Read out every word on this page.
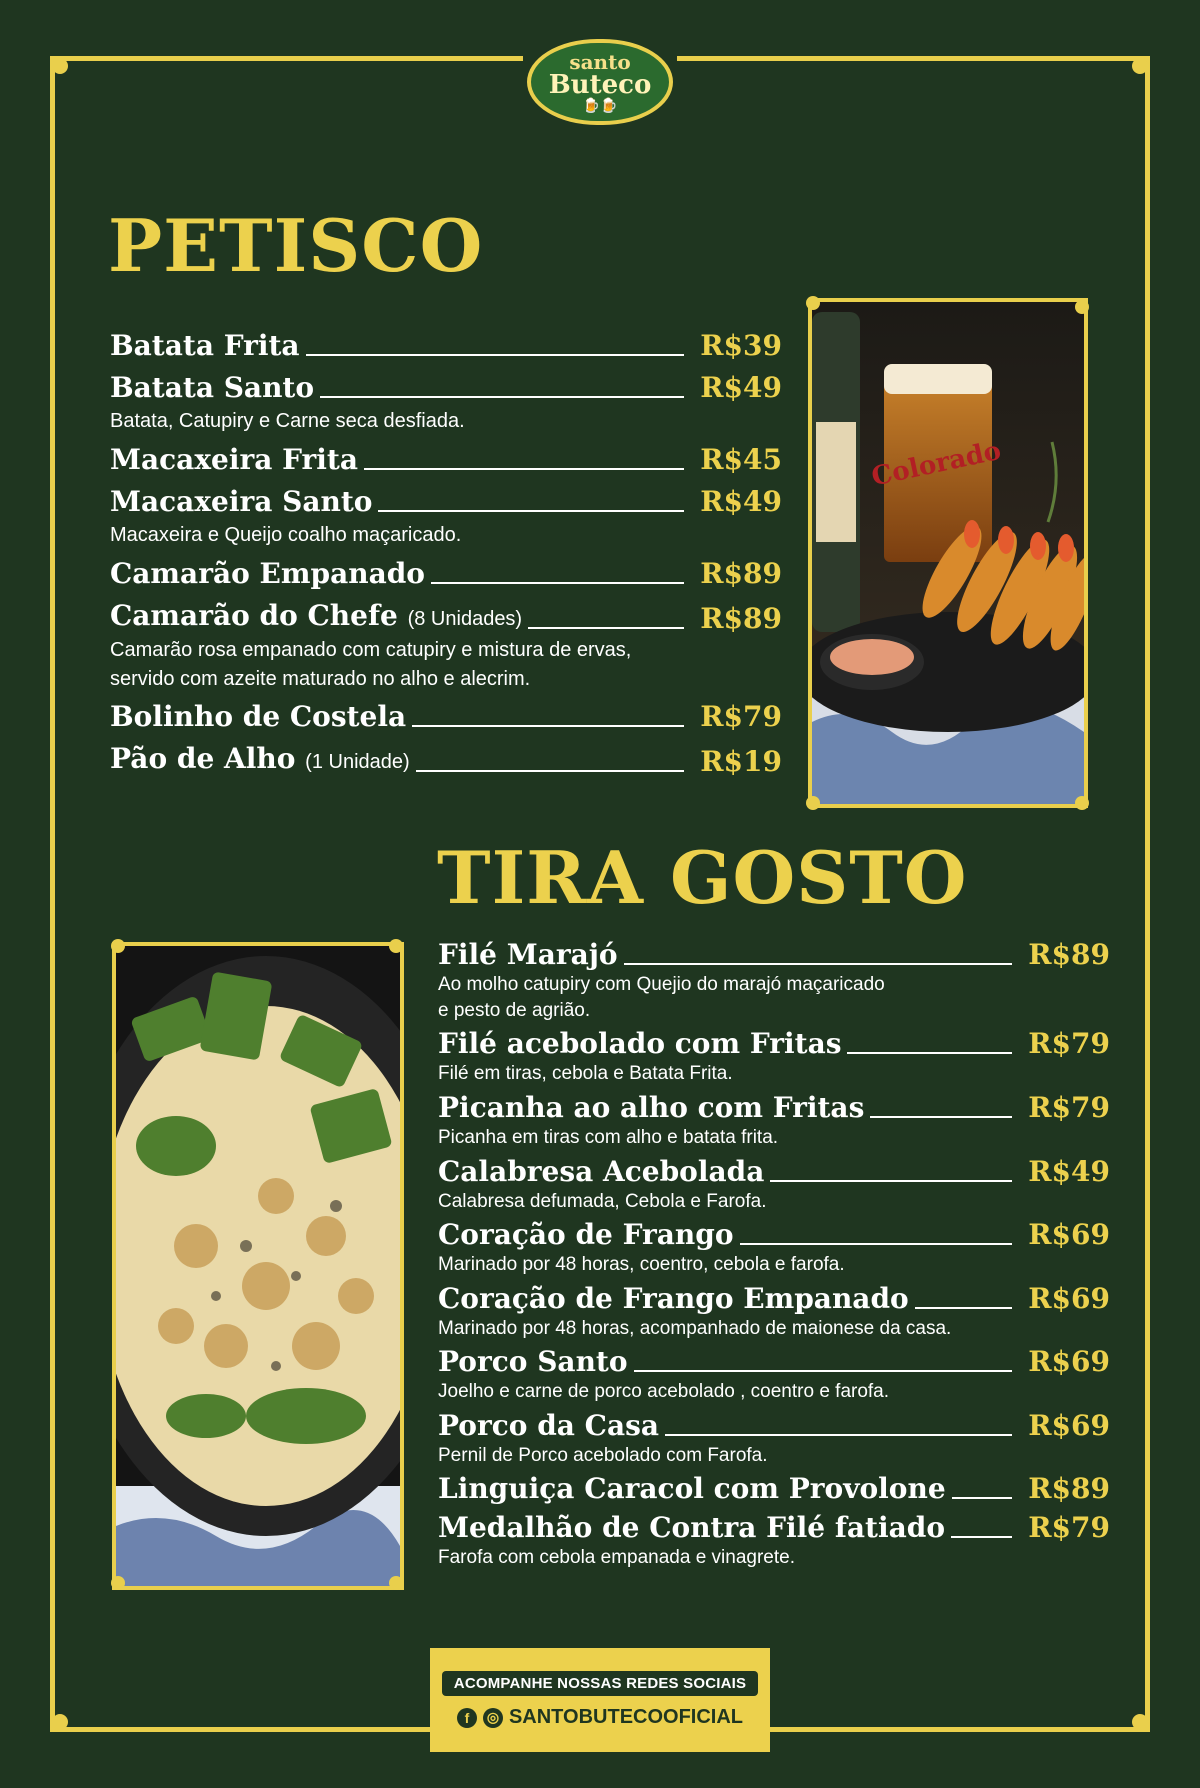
santo
Buteco
🍺🍺
PETISCO
Batata Frita	R$39
Batata Santo	R$49
Batata, Catupiry e Carne seca desfiada.
Macaxeira Frita	R$45
Macaxeira Santo	R$49
Macaxeira e Queijo coalho maçaricado.
Camarão Empanado	R$89
Camarão do Chefe (8 Unidades)	R$89
Camarão rosa empanado com catupiry e mistura de ervas,
servido com azeite maturado no alho e alecrim.
Bolinho de Costela	R$79
Pão de Alho (1 Unidade)	R$19
Colorado
TIRA GOSTO
Filé Marajó	R$89
Ao molho catupiry com Quejio do marajó maçaricado
e pesto de agrião.
Filé acebolado com Fritas	R$79
Filé em tiras, cebola e Batata Frita.
Picanha ao alho com Fritas	R$79
Picanha em tiras com alho e batata frita.
Calabresa Acebolada	R$49
Calabresa defumada, Cebola e Farofa.
Coração de Frango	R$69
Marinado por 48 horas, coentro, cebola e farofa.
Coração de Frango Empanado	R$69
Marinado por 48 horas, acompanhado de maionese da casa.
Porco Santo	R$69
Joelho e carne de porco acebolado , coentro e farofa.
Porco da Casa	R$69
Pernil de Porco acebolado com Farofa.
Linguiça Caracol com Provolone	R$89
Medalhão de Contra Filé fatiado	R$79
Farofa com cebola empanada e vinagrete.
ACOMPANHE NOSSAS REDES SOCIAIS
f	◎ SANTOBUTECOOFICIAL
